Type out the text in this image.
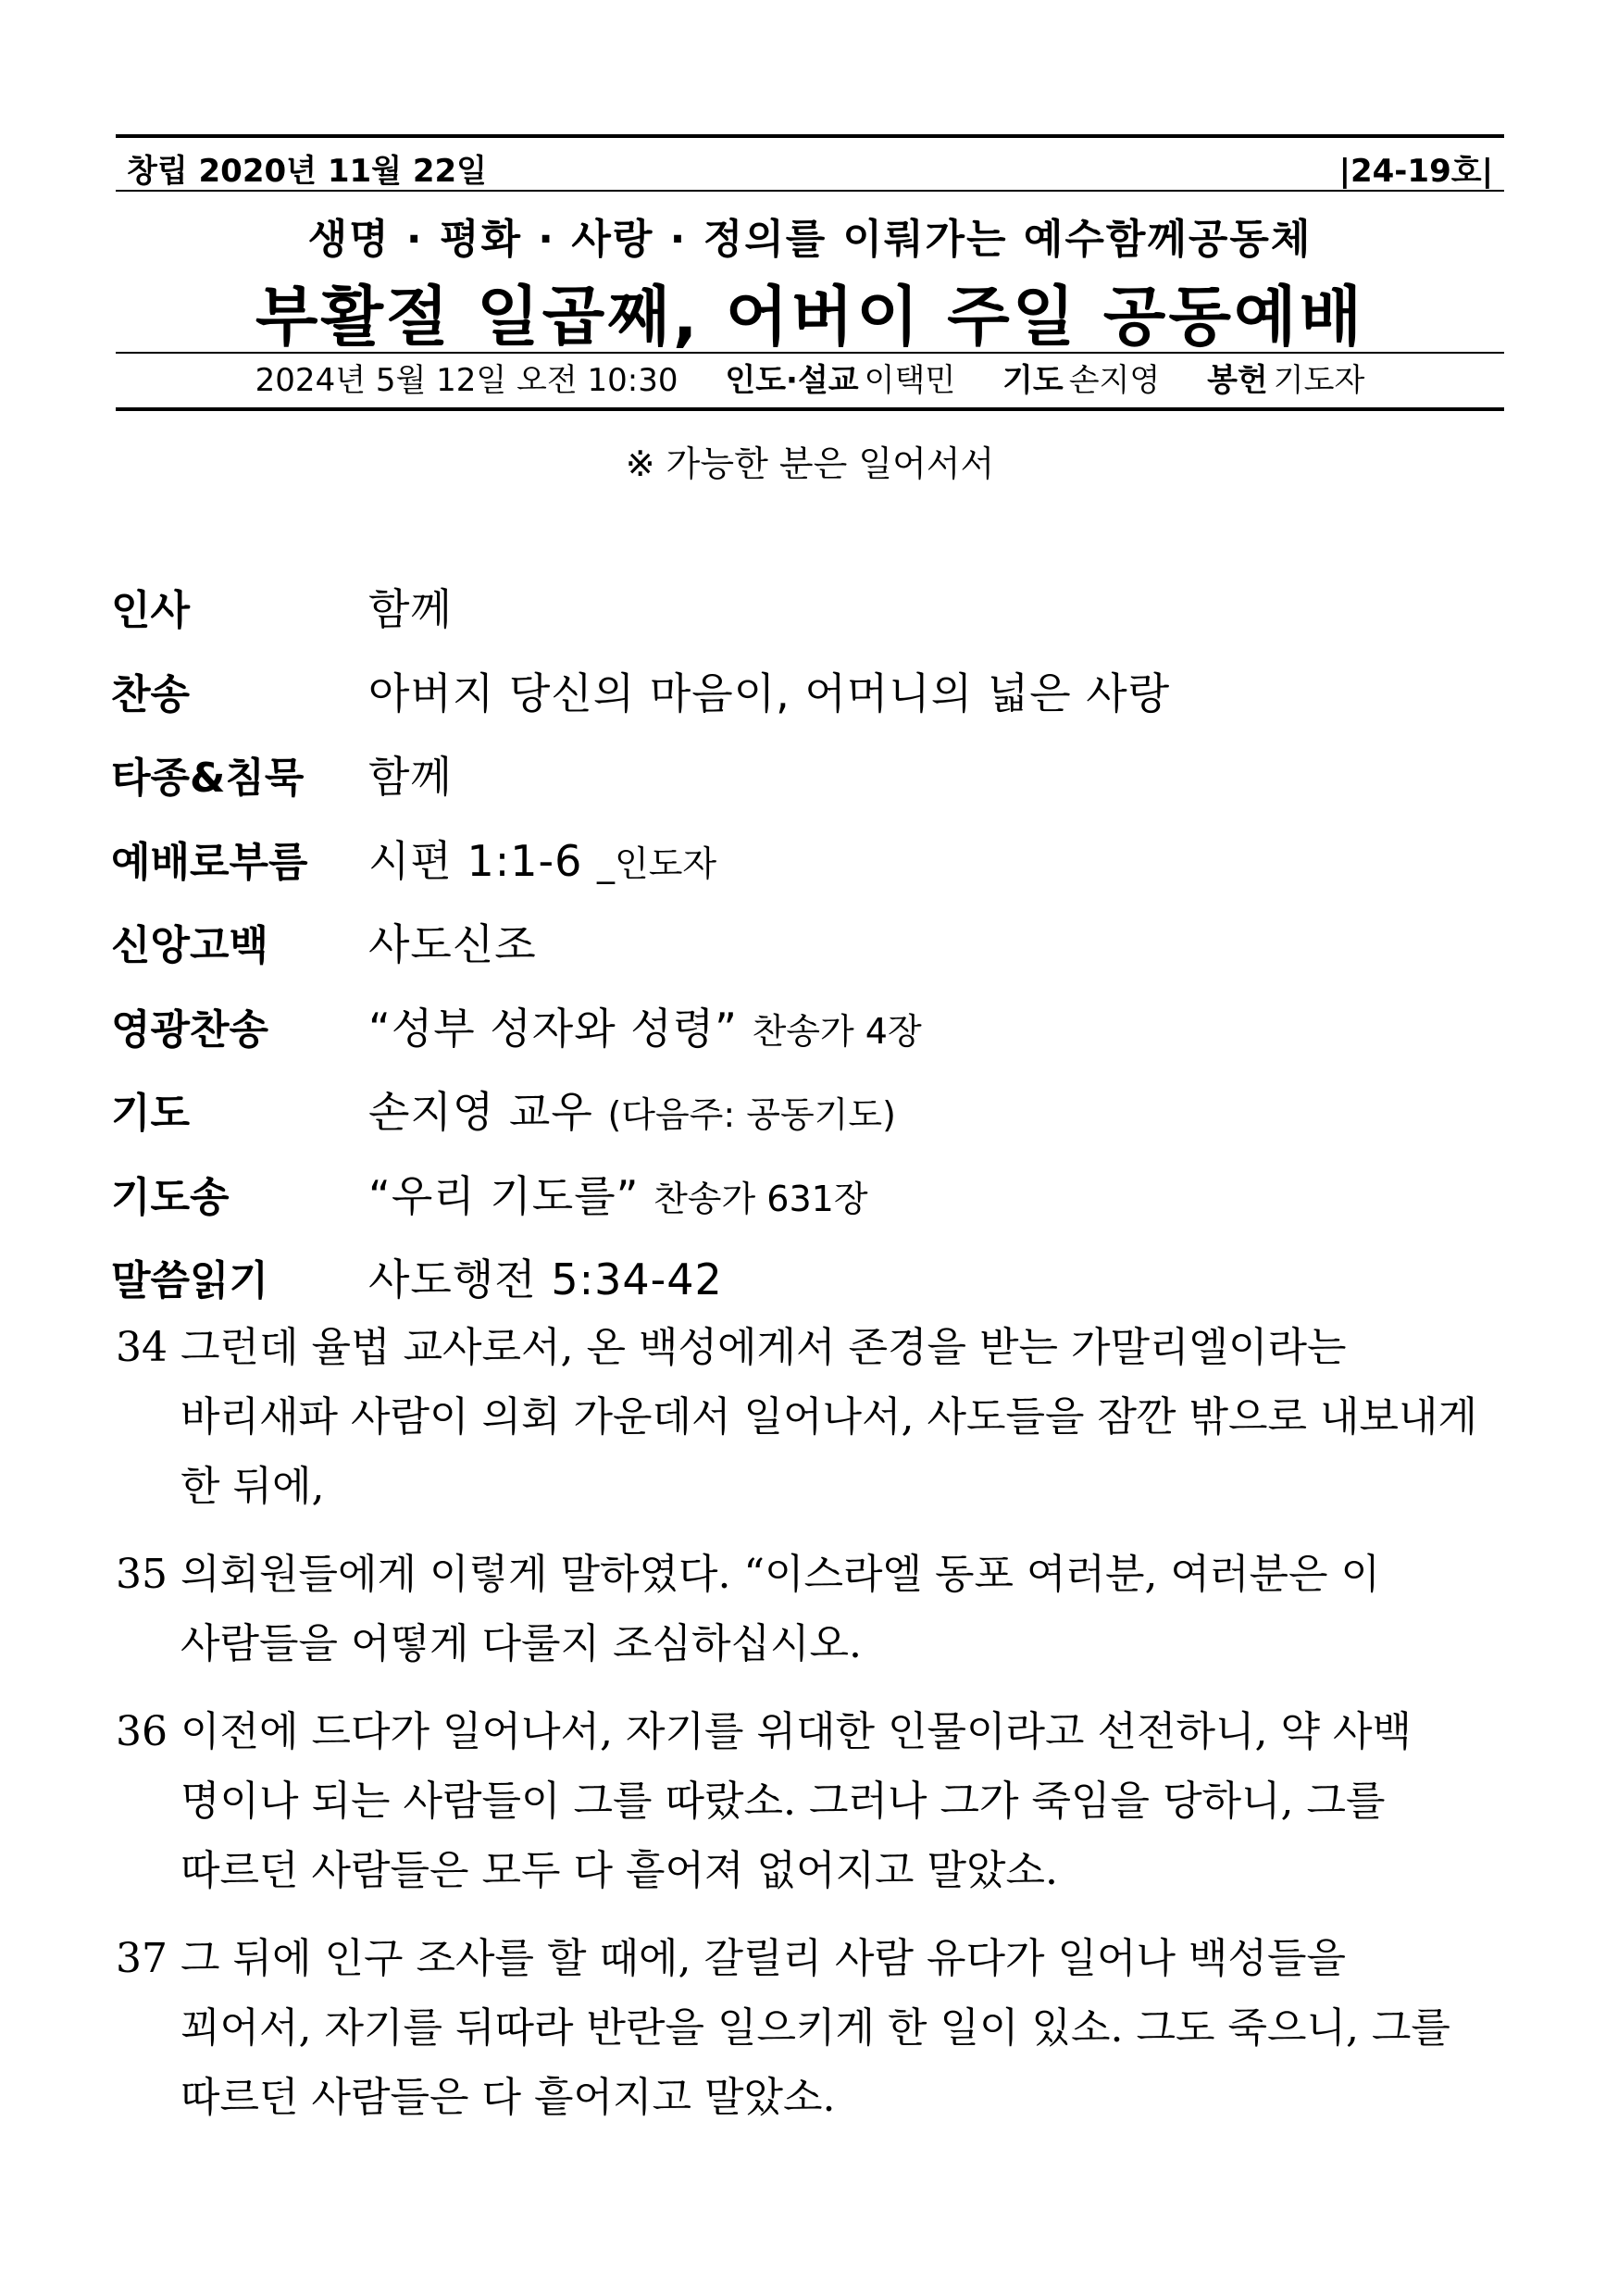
창립 2020년 11월 22일	|24-19호|
생명 · 평화 · 사랑 · 정의를 이뤄가는 예수함께공동체
부활절 일곱째, 어버이 주일 공동예배
2024년 5월 12일 오전 10:30 인도·설교 이택민 기도 손지영 봉헌 기도자
※ 가능한 분은 일어서서
인사	함께
찬송	아버지 당신의 마음이, 어머니의 넓은 사랑
타종&침묵	함께
예배로부름	시편 1:1-6 _인도자
신앙고백	사도신조
영광찬송	“성부 성자와 성령” 찬송가 4장
기도	손지영 교우 (다음주: 공동기도)
기도송	“우리 기도를” 찬송가 631장
말씀읽기	사도행전 5:34-42
34 그런데 율법 교사로서, 온 백성에게서 존경을 받는 가말리엘이라는
바리새파 사람이 의회 가운데서 일어나서, 사도들을 잠깐 밖으로 내보내게
한 뒤에,
35 의회원들에게 이렇게 말하였다. “이스라엘 동포 여러분, 여러분은 이
사람들을 어떻게 다룰지 조심하십시오.
36 이전에 드다가 일어나서, 자기를 위대한 인물이라고 선전하니, 약 사백
명이나 되는 사람들이 그를 따랐소. 그러나 그가 죽임을 당하니, 그를
따르던 사람들은 모두 다 흩어져 없어지고 말았소.
37 그 뒤에 인구 조사를 할 때에, 갈릴리 사람 유다가 일어나 백성들을
꾀어서, 자기를 뒤따라 반란을 일으키게 한 일이 있소. 그도 죽으니, 그를
따르던 사람들은 다 흩어지고 말았소.
